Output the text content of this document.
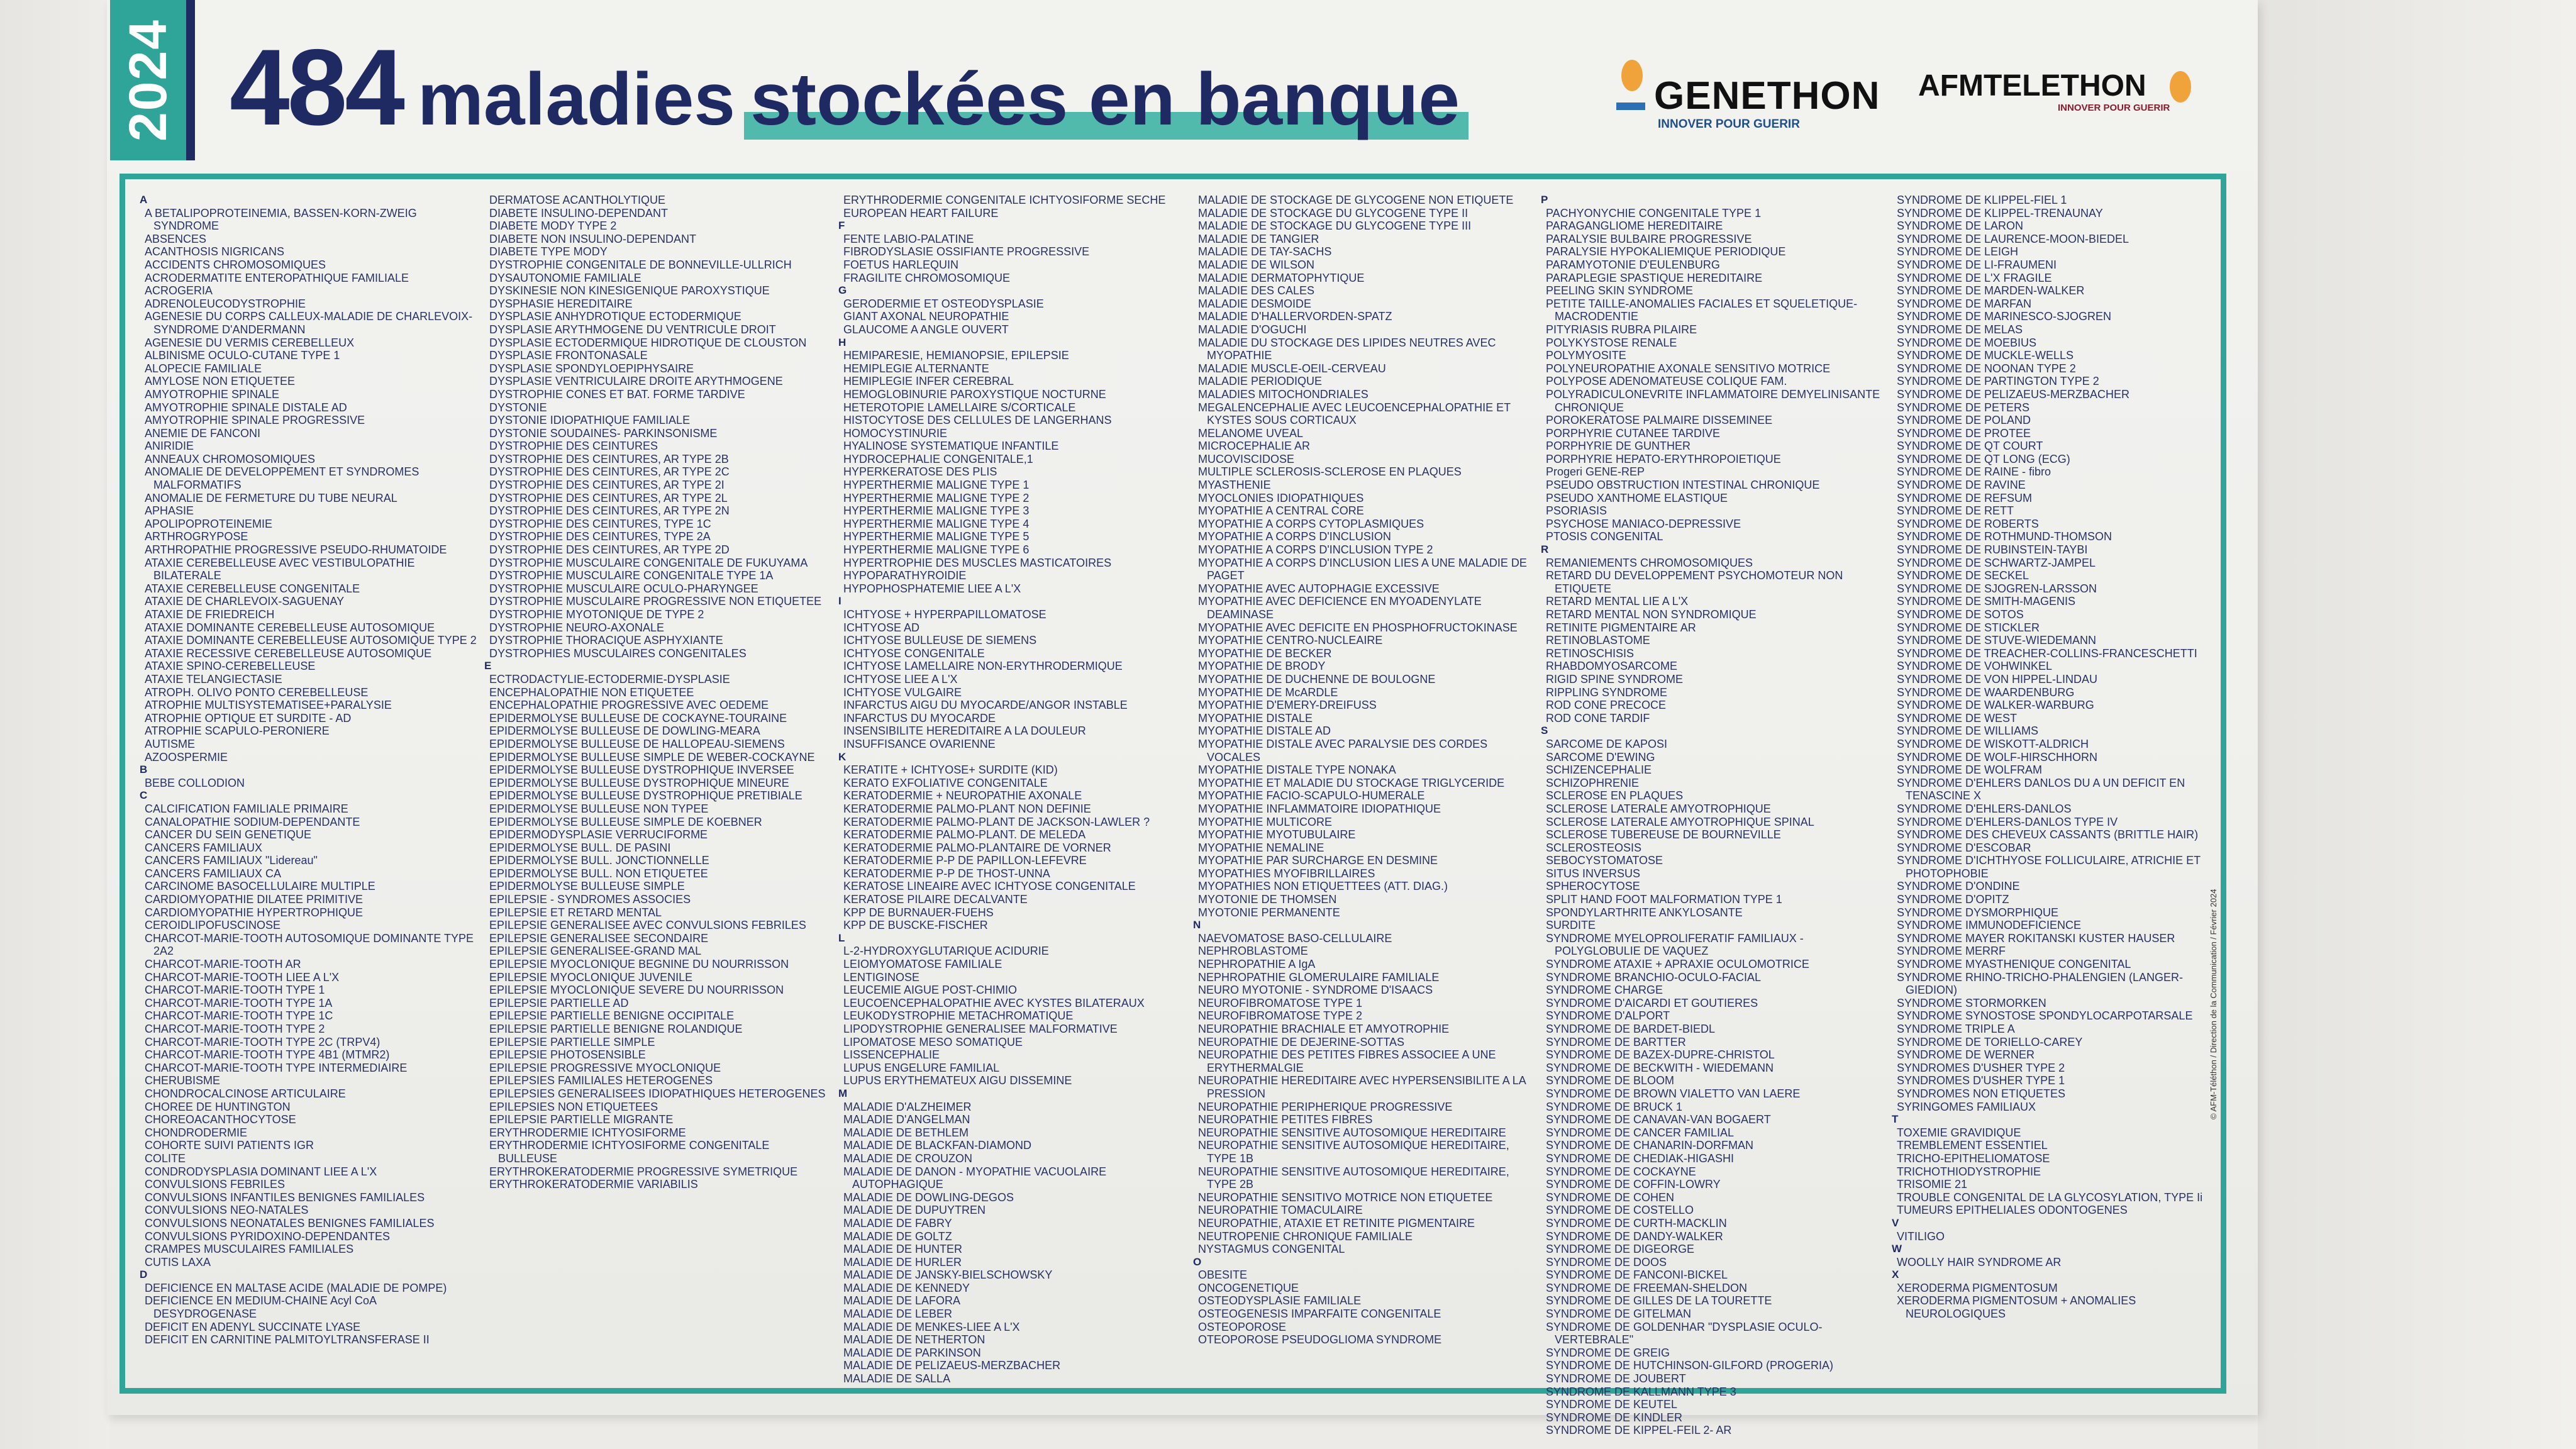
2024 484 maladies stockées en banque	GENETHON
INNOVER POUR GUERIR
AFMTELETHON
INNOVER POUR GUERIR
A
A BETALIPOPROTEINEMIA, BASSEN-KORN-ZWEIG SYNDROME
ABSENCES
ACANTHOSIS NIGRICANS
ACCIDENTS CHROMOSOMIQUES
ACRODERMATITE ENTEROPATHIQUE FAMILIALE
ACROGERIA
ADRENOLEUCODYSTROPHIE
AGENESIE DU CORPS CALLEUX-MALADIE DE CHARLEVOIX-SYNDROME D'ANDERMANN
AGENESIE DU VERMIS CEREBELLEUX
ALBINISME OCULO-CUTANE TYPE 1
ALOPECIE FAMILIALE
AMYLOSE NON ETIQUETEE
AMYOTROPHIE SPINALE
AMYOTROPHIE SPINALE DISTALE AD
AMYOTROPHIE SPINALE PROGRESSIVE
ANEMIE DE FANCONI
ANIRIDIE
ANNEAUX CHROMOSOMIQUES
ANOMALIE DE DEVELOPPEMENT ET SYNDROMES MALFORMATIFS
ANOMALIE DE FERMETURE DU TUBE NEURAL
APHASIE
APOLIPOPROTEINEMIE
ARTHROGRYPOSE
ARTHROPATHIE PROGRESSIVE PSEUDO-RHUMATOIDE
ATAXIE CEREBELLEUSE AVEC VESTIBULOPATHIE BILATERALE
ATAXIE CEREBELLEUSE CONGENITALE
ATAXIE DE CHARLEVOIX-SAGUENAY
ATAXIE DE FRIEDREICH
ATAXIE DOMINANTE CEREBELLEUSE AUTOSOMIQUE
ATAXIE DOMINANTE CEREBELLEUSE AUTOSOMIQUE TYPE 2
ATAXIE RECESSIVE CEREBELLEUSE AUTOSOMIQUE
ATAXIE SPINO-CEREBELLEUSE
ATAXIE TELANGIECTASIE
ATROPH. OLIVO PONTO CEREBELLEUSE
ATROPHIE MULTISYSTEMATISEE+PARALYSIE
ATROPHIE OPTIQUE ET SURDITE - AD
ATROPHIE SCAPULO-PERONIERE
AUTISME
AZOOSPERMIE
B
BEBE COLLODION
C
CALCIFICATION FAMILIALE PRIMAIRE
CANALOPATHIE SODIUM-DEPENDANTE
CANCER DU SEIN GENETIQUE
CANCERS FAMILIAUX
CANCERS FAMILIAUX "Lidereau"
CANCERS FAMILIAUX CA
CARCINOME BASOCELLULAIRE MULTIPLE
CARDIOMYOPATHIE DILATEE PRIMITIVE
CARDIOMYOPATHIE HYPERTROPHIQUE
CEROIDLIPOFUSCINOSE
CHARCOT-MARIE-TOOTH AUTOSOMIQUE DOMINANTE TYPE 2A2
CHARCOT-MARIE-TOOTH AR
CHARCOT-MARIE-TOOTH LIEE A L'X
CHARCOT-MARIE-TOOTH TYPE 1
CHARCOT-MARIE-TOOTH TYPE 1A
CHARCOT-MARIE-TOOTH TYPE 1C
CHARCOT-MARIE-TOOTH TYPE 2
CHARCOT-MARIE-TOOTH TYPE 2C (TRPV4)
CHARCOT-MARIE-TOOTH TYPE 4B1 (MTMR2)
CHARCOT-MARIE-TOOTH TYPE INTERMEDIAIRE
CHERUBISME
CHONDROCALCINOSE ARTICULAIRE
CHOREE DE HUNTINGTON
CHOREOACANTHOCYTOSE
CHONDRODERMIE
COHORTE SUIVI PATIENTS IGR
COLITE
CONDRODYSPLASIA DOMINANT LIEE A L'X
CONVULSIONS FEBRILES
CONVULSIONS INFANTILES BENIGNES FAMILIALES
CONVULSIONS NEO-NATALES
CONVULSIONS NEONATALES BENIGNES FAMILIALES
CONVULSIONS PYRIDOXINO-DEPENDANTES
CRAMPES MUSCULAIRES FAMILIALES
CUTIS LAXA
D
DEFICIENCE EN MALTASE ACIDE (MALADIE DE POMPE)
DEFICIENCE EN MEDIUM-CHAINE Acyl CoA DESYDROGENASE
DEFICIT EN ADENYL SUCCINATE LYASE
DEFICIT EN CARNITINE PALMITOYLTRANSFERASE II
DERMATOSE ACANTHOLYTIQUE
DIABETE INSULINO-DEPENDANT
DIABETE MODY TYPE 2
DIABETE NON INSULINO-DEPENDANT
DIABETE TYPE MODY
DYSTROPHIE CONGENITALE DE BONNEVILLE-ULLRICH
DYSAUTONOMIE FAMILIALE
DYSKINESIE NON KINESIGENIQUE PAROXYSTIQUE
DYSPHASIE HEREDITAIRE
DYSPLASIE ANHYDROTIQUE ECTODERMIQUE
DYSPLASIE ARYTHMOGENE DU VENTRICULE DROIT
DYSPLASIE ECTODERMIQUE HIDROTIQUE DE CLOUSTON
DYSPLASIE FRONTONASALE
DYSPLASIE SPONDYLOEPIPHYSAIRE
DYSPLASIE VENTRICULAIRE DROITE ARYTHMOGENE
DYSTROPHIE CONES ET BAT. FORME TARDIVE
DYSTONIE
DYSTONIE IDIOPATHIQUE FAMILIALE
DYSTONIE SOUDAINES- PARKINSONISME
DYSTROPHIE DES CEINTURES
DYSTROPHIE DES CEINTURES, AR TYPE 2B
DYSTROPHIE DES CEINTURES, AR TYPE 2C
DYSTROPHIE DES CEINTURES, AR TYPE 2I
DYSTROPHIE DES CEINTURES, AR TYPE 2L
DYSTROPHIE DES CEINTURES, AR TYPE 2N
DYSTROPHIE DES CEINTURES, TYPE 1C
DYSTROPHIE DES CEINTURES, TYPE 2A
DYSTROPHIE DES CEINTURES, AR TYPE 2D
DYSTROPHIE MUSCULAIRE CONGENITALE DE FUKUYAMA
DYSTROPHIE MUSCULAIRE CONGENITALE TYPE 1A
DYSTROPHIE MUSCULAIRE OCULO-PHARYNGEE
DYSTROPHIE MUSCULAIRE PROGRESSIVE NON ETIQUETEE
DYSTROPHIE MYOTONIQUE DE TYPE 2
DYSTROPHIE NEURO-AXONALE
DYSTROPHIE THORACIQUE ASPHYXIANTE
DYSTROPHIES MUSCULAIRES CONGENITALES
E
ECTRODACTYLIE-ECTODERMIE-DYSPLASIE
ENCEPHALOPATHIE NON ETIQUETEE
ENCEPHALOPATHIE PROGRESSIVE AVEC OEDEME
EPIDERMOLYSE BULLEUSE DE COCKAYNE-TOURAINE
EPIDERMOLYSE BULLEUSE DE DOWLING-MEARA
EPIDERMOLYSE BULLEUSE DE HALLOPEAU-SIEMENS
EPIDERMOLYSE BULLEUSE SIMPLE DE WEBER-COCKAYNE
EPIDERMOLYSE BULLEUSE DYSTROPHIQUE INVERSEE
EPIDERMOLYSE BULLEUSE DYSTROPHIQUE MINEURE
EPIDERMOLYSE BULLEUSE DYSTROPHIQUE PRETIBIALE
EPIDERMOLYSE BULLEUSE NON TYPEE
EPIDERMOLYSE BULLEUSE SIMPLE DE KOEBNER
EPIDERMODYSPLASIE VERRUCIFORME
EPIDERMOLYSE BULL. DE PASINI
EPIDERMOLYSE BULL. JONCTIONNELLE
EPIDERMOLYSE BULL. NON ETIQUETEE
EPIDERMOLYSE BULLEUSE SIMPLE
EPILEPSIE - SYNDROMES ASSOCIES
EPILEPSIE ET RETARD MENTAL
EPILEPSIE GENERALISEE AVEC CONVULSIONS FEBRILES
EPILEPSIE GENERALISEE SECONDAIRE
EPILEPSIE GENERALISEE-GRAND MAL
EPILEPSIE MYOCLONIQUE BEGNINE DU NOURRISSON
EPILEPSIE MYOCLONIQUE JUVENILE
EPILEPSIE MYOCLONIQUE SEVERE DU NOURRISSON
EPILEPSIE PARTIELLE AD
EPILEPSIE PARTIELLE BENIGNE OCCIPITALE
EPILEPSIE PARTIELLE BENIGNE ROLANDIQUE
EPILEPSIE PARTIELLE SIMPLE
EPILEPSIE PHOTOSENSIBLE
EPILEPSIE PROGRESSIVE MYOCLONIQUE
EPILEPSIES FAMILIALES HETEROGENES
EPILEPSIES GENERALISEES IDIOPATHIQUES HETEROGENES
EPILEPSIES NON ETIQUETEES
EPILEPSIE PARTIELLE MIGRANTE
ERYTHRODERMIE ICHTYOSIFORME
ERYTHRODERMIE ICHTYOSIFORME CONGENITALE BULLEUSE
ERYTHROKERATODERMIE PROGRESSIVE SYMETRIQUE
ERYTHROKERATODERMIE VARIABILIS
ERYTHRODERMIE CONGENITALE ICHTYOSIFORME SECHE
EUROPEAN HEART FAILURE
F
FENTE LABIO-PALATINE
FIBRODYSLASIE OSSIFIANTE PROGRESSIVE
FOETUS HARLEQUIN
FRAGILITE CHROMOSOMIQUE
G
GERODERMIE ET OSTEODYSPLASIE
GIANT AXONAL NEUROPATHIE
GLAUCOME A ANGLE OUVERT
H
HEMIPARESIE, HEMIANOPSIE, EPILEPSIE
HEMIPLEGIE ALTERNANTE
HEMIPLEGIE INFER CEREBRAL
HEMOGLOBINURIE PAROXYSTIQUE NOCTURNE
HETEROTOPIE LAMELLAIRE S/CORTICALE
HISTOCYTOSE DES CELLULES DE LANGERHANS
HOMOCYSTINURIE
HYALINOSE SYSTEMATIQUE INFANTILE
HYDROCEPHALIE CONGENITALE,1
HYPERKERATOSE DES PLIS
HYPERTHERMIE MALIGNE TYPE 1
HYPERTHERMIE MALIGNE TYPE 2
HYPERTHERMIE MALIGNE TYPE 3
HYPERTHERMIE MALIGNE TYPE 4
HYPERTHERMIE MALIGNE TYPE 5
HYPERTHERMIE MALIGNE TYPE 6
HYPERTROPHIE DES MUSCLES MASTICATOIRES
HYPOPARATHYROIDIE
HYPOPHOSPHATEMIE LIEE A L'X
I
ICHTYOSE + HYPERPAPILLOMATOSE
ICHTYOSE AD
ICHTYOSE BULLEUSE DE SIEMENS
ICHTYOSE CONGENITALE
ICHTYOSE LAMELLAIRE NON-ERYTHRODERMIQUE
ICHTYOSE LIEE A L'X
ICHTYOSE VULGAIRE
INFARCTUS AIGU DU MYOCARDE/ANGOR INSTABLE
INFARCTUS DU MYOCARDE
INSENSIBILITE HEREDITAIRE A LA DOULEUR
INSUFFISANCE OVARIENNE
K
KERATITE + ICHTYOSE+ SURDITE (KID)
KERATO EXFOLIATIVE CONGENITALE
KERATODERMIE + NEUROPATHIE AXONALE
KERATODERMIE PALMO-PLANT NON DEFINIE
KERATODERMIE PALMO-PLANT DE JACKSON-LAWLER ?
KERATODERMIE PALMO-PLANT. DE MELEDA
KERATODERMIE PALMO-PLANTAIRE DE VORNER
KERATODERMIE P-P DE PAPILLON-LEFEVRE
KERATODERMIE P-P DE THOST-UNNA
KERATOSE LINEAIRE AVEC ICHTYOSE CONGENITALE
KERATOSE PILAIRE DECALVANTE
KPP DE BURNAUER-FUEHS
KPP DE BUSCKE-FISCHER
L
L-2-HYDROXYGLUTARIQUE ACIDURIE
LEIOMYOMATOSE FAMILIALE
LENTIGINOSE
LEUCEMIE AIGUE POST-CHIMIO
LEUCOENCEPHALOPATHIE AVEC KYSTES BILATERAUX
LEUKODYSTROPHIE METACHROMATIQUE
LIPODYSTROPHIE GENERALISEE MALFORMATIVE
LIPOMATOSE MESO SOMATIQUE
LISSENCEPHALIE
LUPUS ENGELURE FAMILIAL
LUPUS ERYTHEMATEUX AIGU DISSEMINE
M
MALADIE D'ALZHEIMER
MALADIE D'ANGELMAN
MALADIE DE BETHLEM
MALADIE DE BLACKFAN-DIAMOND
MALADIE DE CROUZON
MALADIE DE DANON - MYOPATHIE VACUOLAIRE AUTOPHAGIQUE
MALADIE DE DOWLING-DEGOS
MALADIE DE DUPUYTREN
MALADIE DE FABRY
MALADIE DE GOLTZ
MALADIE DE HUNTER
MALADIE DE HURLER
MALADIE DE JANSKY-BIELSCHOWSKY
MALADIE DE KENNEDY
MALADIE DE LAFORA
MALADIE DE LEBER
MALADIE DE MENKES-LIEE A L'X
MALADIE DE NETHERTON
MALADIE DE PARKINSON
MALADIE DE PELIZAEUS-MERZBACHER
MALADIE DE SALLA
MALADIE DE STOCKAGE DE GLYCOGENE NON ETIQUETE
MALADIE DE STOCKAGE DU GLYCOGENE TYPE II
MALADIE DE STOCKAGE DU GLYCOGENE TYPE III
MALADIE DE TANGIER
MALADIE DE TAY-SACHS
MALADIE DE WILSON
MALADIE DERMATOPHYTIQUE
MALADIE DES CALES
MALADIE DESMOIDE
MALADIE D'HALLERVORDEN-SPATZ
MALADIE D'OGUCHI
MALADIE DU STOCKAGE DES LIPIDES NEUTRES AVEC MYOPATHIE
MALADIE MUSCLE-OEIL-CERVEAU
MALADIE PERIODIQUE
MALADIES MITOCHONDRIALES
MEGALENCEPHALIE AVEC LEUCOENCEPHALOPATHIE ET KYSTES SOUS CORTICAUX
MELANOME UVEAL
MICROCEPHALIE AR
MUCOVISCIDOSE
MULTIPLE SCLEROSIS-SCLEROSE EN PLAQUES
MYASTHENIE
MYOCLONIES IDIOPATHIQUES
MYOPATHIE A CENTRAL CORE
MYOPATHIE A CORPS CYTOPLASMIQUES
MYOPATHIE A CORPS D'INCLUSION
MYOPATHIE A CORPS D'INCLUSION TYPE 2
MYOPATHIE A CORPS D'INCLUSION LIES A UNE MALADIE DE PAGET
MYOPATHIE AVEC AUTOPHAGIE EXCESSIVE
MYOPATHIE AVEC DEFICIENCE EN MYOADENYLATE DEAMINASE
MYOPATHIE AVEC DEFICITE EN PHOSPHOFRUCTOKINASE
MYOPATHIE CENTRO-NUCLEAIRE
MYOPATHIE DE BECKER
MYOPATHIE DE BRODY
MYOPATHIE DE DUCHENNE DE BOULOGNE
MYOPATHIE DE McARDLE
MYOPATHIE D'EMERY-DREIFUSS
MYOPATHIE DISTALE
MYOPATHIE DISTALE AD
MYOPATHIE DISTALE AVEC PARALYSIE DES CORDES VOCALES
MYOPATHIE DISTALE TYPE NONAKA
MYOPATHIE ET MALADIE DU STOCKAGE TRIGLYCERIDE
MYOPATHIE FACIO-SCAPULO-HUMERALE
MYOPATHIE INFLAMMATOIRE IDIOPATHIQUE
MYOPATHIE MULTICORE
MYOPATHIE MYOTUBULAIRE
MYOPATHIE NEMALINE
MYOPATHIE PAR SURCHARGE EN DESMINE
MYOPATHIES MYOFIBRILLAIRES
MYOPATHIES NON ETIQUETTEES (ATT. DIAG.)
MYOTONIE DE THOMSEN
MYOTONIE PERMANENTE
N
NAEVOMATOSE BASO-CELLULAIRE
NEPHROBLASTOME
NEPHROPATHIE A IgA
NEPHROPATHIE GLOMERULAIRE FAMILIALE
NEURO MYOTONIE - SYNDROME D'ISAACS
NEUROFIBROMATOSE TYPE 1
NEUROFIBROMATOSE TYPE 2
NEUROPATHIE BRACHIALE ET AMYOTROPHIE
NEUROPATHIE DE DEJERINE-SOTTAS
NEUROPATHIE DES PETITES FIBRES ASSOCIEE A UNE ERYTHERMALGIE
NEUROPATHIE HEREDITAIRE AVEC HYPERSENSIBILITE A LA PRESSION
NEUROPATHIE PERIPHERIQUE PROGRESSIVE
NEUROPATHIE PETITES FIBRES
NEUROPATHIE SENSITIVE AUTOSOMIQUE HEREDITAIRE
NEUROPATHIE SENSITIVE AUTOSOMIQUE HEREDITAIRE, TYPE 1B
NEUROPATHIE SENSITIVE AUTOSOMIQUE HEREDITAIRE, TYPE 2B
NEUROPATHIE SENSITIVO MOTRICE NON ETIQUETEE
NEUROPATHIE TOMACULAIRE
NEUROPATHIE, ATAXIE ET RETINITE PIGMENTAIRE
NEUTROPENIE CHRONIQUE FAMILIALE
NYSTAGMUS CONGENITAL
O
OBESITE
ONCOGENETIQUE
OSTEODYSPLASIE FAMILIALE
OSTEOGENESIS IMPARFAITE CONGENITALE
OSTEOPOROSE
OTEOPOROSE PSEUDOGLIOMA SYNDROME
P
PACHYONYCHIE CONGENITALE TYPE 1
PARAGANGLIOME HEREDITAIRE
PARALYSIE BULBAIRE PROGRESSIVE
PARALYSIE HYPOKALIEMIQUE PERIODIQUE
PARAMYOTONIE D'EULENBURG
PARAPLEGIE SPASTIQUE HEREDITAIRE
PEELING SKIN SYNDROME
PETITE TAILLE-ANOMALIES FACIALES ET SQUELETIQUE-MACRODENTIE
PITYRIASIS RUBRA PILAIRE
POLYKYSTOSE RENALE
POLYMYOSITE
POLYNEUROPATHIE AXONALE SENSITIVO MOTRICE
POLYPOSE ADENOMATEUSE COLIQUE FAM.
POLYRADICULONEVRITE INFLAMMATOIRE DEMYELINISANTE CHRONIQUE
POROKERATOSE PALMAIRE DISSEMINEE
PORPHYRIE CUTANEE TARDIVE
PORPHYRIE DE GUNTHER
PORPHYRIE HEPATO-ERYTHROPOIETIQUE
Progeri GENE-REP
PSEUDO OBSTRUCTION INTESTINAL CHRONIQUE
PSEUDO XANTHOME ELASTIQUE
PSORIASIS
PSYCHOSE MANIACO-DEPRESSIVE
PTOSIS CONGENITAL
R
REMANIEMENTS CHROMOSOMIQUES
RETARD DU DEVELOPPEMENT PSYCHOMOTEUR NON ETIQUETE
RETARD MENTAL LIE A L'X
RETARD MENTAL NON SYNDROMIQUE
RETINITE PIGMENTAIRE AR
RETINOBLASTOME
RETINOSCHISIS
RHABDOMYOSARCOME
RIGID SPINE SYNDROME
RIPPLING SYNDROME
ROD CONE PRECOCE
ROD CONE TARDIF
S
SARCOME DE KAPOSI
SARCOME D'EWING
SCHIZENCEPHALIE
SCHIZOPHRENIE
SCLEROSE EN PLAQUES
SCLEROSE LATERALE AMYOTROPHIQUE
SCLEROSE LATERALE AMYOTROPHIQUE SPINAL
SCLEROSE TUBEREUSE DE BOURNEVILLE
SCLEROSTEOSIS
SEBOCYSTOMATOSE
SITUS INVERSUS
SPHEROCYTOSE
SPLIT HAND FOOT MALFORMATION TYPE 1
SPONDYLARTHRITE ANKYLOSANTE
SURDITE
SYNDROME MYELOPROLIFERATIF FAMILIAUX - POLYGLOBULIE DE VAQUEZ
SYNDROME ATAXIE + APRAXIE OCULOMOTRICE
SYNDROME BRANCHIO-OCULO-FACIAL
SYNDROME CHARGE
SYNDROME D'AICARDI ET GOUTIERES
SYNDROME D'ALPORT
SYNDROME DE BARDET-BIEDL
SYNDROME DE BARTTER
SYNDROME DE BAZEX-DUPRE-CHRISTOL
SYNDROME DE BECKWITH - WIEDEMANN
SYNDROME DE BLOOM
SYNDROME DE BROWN VIALETTO VAN LAERE
SYNDROME DE BRUCK 1
SYNDROME DE CANAVAN-VAN BOGAERT
SYNDROME DE CANCER FAMILIAL
SYNDROME DE CHANARIN-DORFMAN
SYNDROME DE CHEDIAK-HIGASHI
SYNDROME DE COCKAYNE
SYNDROME DE COFFIN-LOWRY
SYNDROME DE COHEN
SYNDROME DE COSTELLO
SYNDROME DE CURTH-MACKLIN
SYNDROME DE DANDY-WALKER
SYNDROME DE DIGEORGE
SYNDROME DE DOOS
SYNDROME DE FANCONI-BICKEL
SYNDROME DE FREEMAN-SHELDON
SYNDROME DE GILLES DE LA TOURETTE
SYNDROME DE GITELMAN
SYNDROME DE GOLDENHAR "DYSPLASIE OCULO-VERTEBRALE"
SYNDROME DE GREIG
SYNDROME DE HUTCHINSON-GILFORD (PROGERIA)
SYNDROME DE JOUBERT
SYNDROME DE KALLMANN TYPE 3
SYNDROME DE KEUTEL
SYNDROME DE KINDLER
SYNDROME DE KIPPEL-FEIL 2- AR
SYNDROME DE KLIPPEL-FIEL 1
SYNDROME DE KLIPPEL-TRENAUNAY
SYNDROME DE LARON
SYNDROME DE LAURENCE-MOON-BIEDEL
SYNDROME DE LEIGH
SYNDROME DE LI-FRAUMENI
SYNDROME DE L'X FRAGILE
SYNDROME DE MARDEN-WALKER
SYNDROME DE MARFAN
SYNDROME DE MARINESCO-SJOGREN
SYNDROME DE MELAS
SYNDROME DE MOEBIUS
SYNDROME DE MUCKLE-WELLS
SYNDROME DE NOONAN TYPE 2
SYNDROME DE PARTINGTON TYPE 2
SYNDROME DE PELIZAEUS-MERZBACHER
SYNDROME DE PETERS
SYNDROME DE POLAND
SYNDROME DE PROTEE
SYNDROME DE QT COURT
SYNDROME DE QT LONG (ECG)
SYNDROME DE RAINE - fibro
SYNDROME DE RAVINE
SYNDROME DE REFSUM
SYNDROME DE RETT
SYNDROME DE ROBERTS
SYNDROME DE ROTHMUND-THOMSON
SYNDROME DE RUBINSTEIN-TAYBI
SYNDROME DE SCHWARTZ-JAMPEL
SYNDROME DE SECKEL
SYNDROME DE SJOGREN-LARSSON
SYNDROME DE SMITH-MAGENIS
SYNDROME DE SOTOS
SYNDROME DE STICKLER
SYNDROME DE STUVE-WIEDEMANN
SYNDROME DE TREACHER-COLLINS-FRANCESCHETTI
SYNDROME DE VOHWINKEL
SYNDROME DE VON HIPPEL-LINDAU
SYNDROME DE WAARDENBURG
SYNDROME DE WALKER-WARBURG
SYNDROME DE WEST
SYNDROME DE WILLIAMS
SYNDROME DE WISKOTT-ALDRICH
SYNDROME DE WOLF-HIRSCHHORN
SYNDROME DE WOLFRAM
SYNDROME D'EHLERS DANLOS DU A UN DEFICIT EN TENASCINE X
SYNDROME D'EHLERS-DANLOS
SYNDROME D'EHLERS-DANLOS TYPE IV
SYNDROME DES CHEVEUX CASSANTS (BRITTLE HAIR)
SYNDROME D'ESCOBAR
SYNDROME D'ICHTHYOSE FOLLICULAIRE, ATRICHIE ET PHOTOPHOBIE
SYNDROME D'ONDINE
SYNDROME D'OPITZ
SYNDROME DYSMORPHIQUE
SYNDROME IMMUNODEFICIENCE
SYNDROME MAYER ROKITANSKI KUSTER HAUSER
SYNDROME MERRF
SYNDROME MYASTHENIQUE CONGENITAL
SYNDROME RHINO-TRICHO-PHALENGIEN (LANGER-GIEDION)
SYNDROME STORMORKEN
SYNDROME SYNOSTOSE SPONDYLOCARPOTARSALE
SYNDROME TRIPLE A
SYNDROME DE TORIELLO-CAREY
SYNDROME DE WERNER
SYNDROMES D'USHER TYPE 2
SYNDROMES D'USHER TYPE 1
SYNDROMES NON ETIQUETES
SYRINGOMES FAMILIAUX
T
TOXEMIE GRAVIDIQUE
TREMBLEMENT ESSENTIEL
TRICHO-EPITHELIOMATOSE
TRICHOTHIODYSTROPHIE
TRISOMIE 21
TROUBLE CONGENITAL DE LA GLYCOSYLATION, TYPE Ii
TUMEURS EPITHELIALES ODONTOGENES
V
VITILIGO
W
WOOLLY HAIR SYNDROME AR
X
XERODERMA PIGMENTOSUM
XERODERMA PIGMENTOSUM + ANOMALIES NEUROLOGIQUES
© AFM-Téléthon / Direction de la Communication / Février 2024
